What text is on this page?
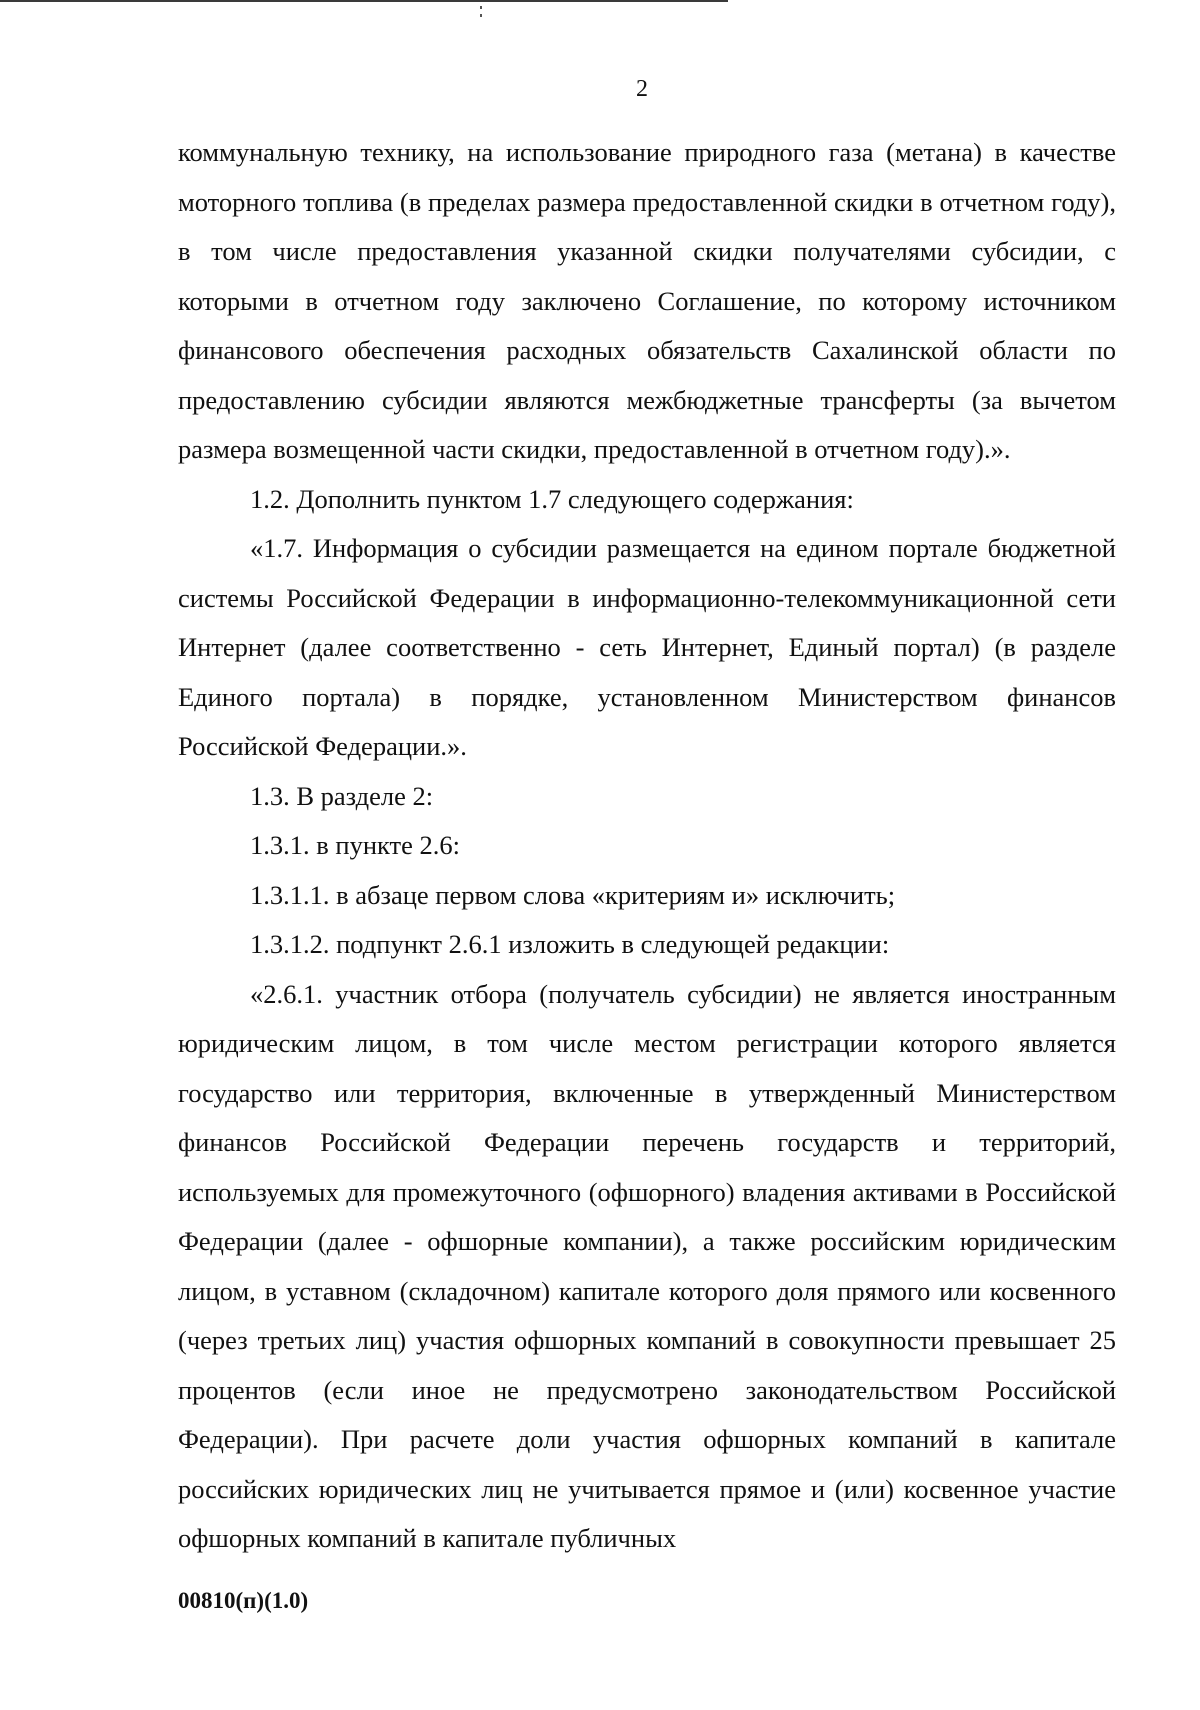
2

коммунальную технику, на использование природного газа (метана) в качестве моторного топлива (в пределах размера предоставленной скидки в отчетном году), в том числе предоставления указанной скидки получателями субсидии, с которыми в отчетном году заключено Соглашение, по которому источником финансового обеспечения расходных обязательств Сахалинской области по предоставлению субсидии являются межбюджетные трансферты (за вычетом размера возмещенной части скидки, предоставленной в отчетном году).».

1.2. Дополнить пунктом 1.7 следующего содержания:

«1.7. Информация о субсидии размещается на едином портале бюджетной системы Российской Федерации в информационно-телекоммуникационной сети Интернет (далее соответственно - сеть Интернет, Единый портал) (в разделе Единого портала) в порядке, установленном Министерством финансов Российской Федерации.».

1.3. В разделе 2:

1.3.1. в пункте 2.6:

1.3.1.1. в абзаце первом слова «критериям и» исключить;

1.3.1.2. подпункт 2.6.1 изложить в следующей редакции:

«2.6.1. участник отбора (получатель субсидии) не является иностранным юридическим лицом, в том числе местом регистрации которого является государство или территория, включенные в утвержденный Министерством финансов Российской Федерации перечень государств и территорий, используемых для промежуточного (офшорного) владения активами в Российской Федерации (далее - офшорные компании), а также российским юридическим лицом, в уставном (складочном) капитале которого доля прямого или косвенного (через третьих лиц) участия офшорных компаний в совокупности превышает 25 процентов (если иное не предусмотрено законодательством Российской Федерации). При расчете доли участия офшорных компаний в капитале российских юридических лиц не учитывается прямое и (или) косвенное участие офшорных компаний в капитале публичных

00810(п)(1.0)
